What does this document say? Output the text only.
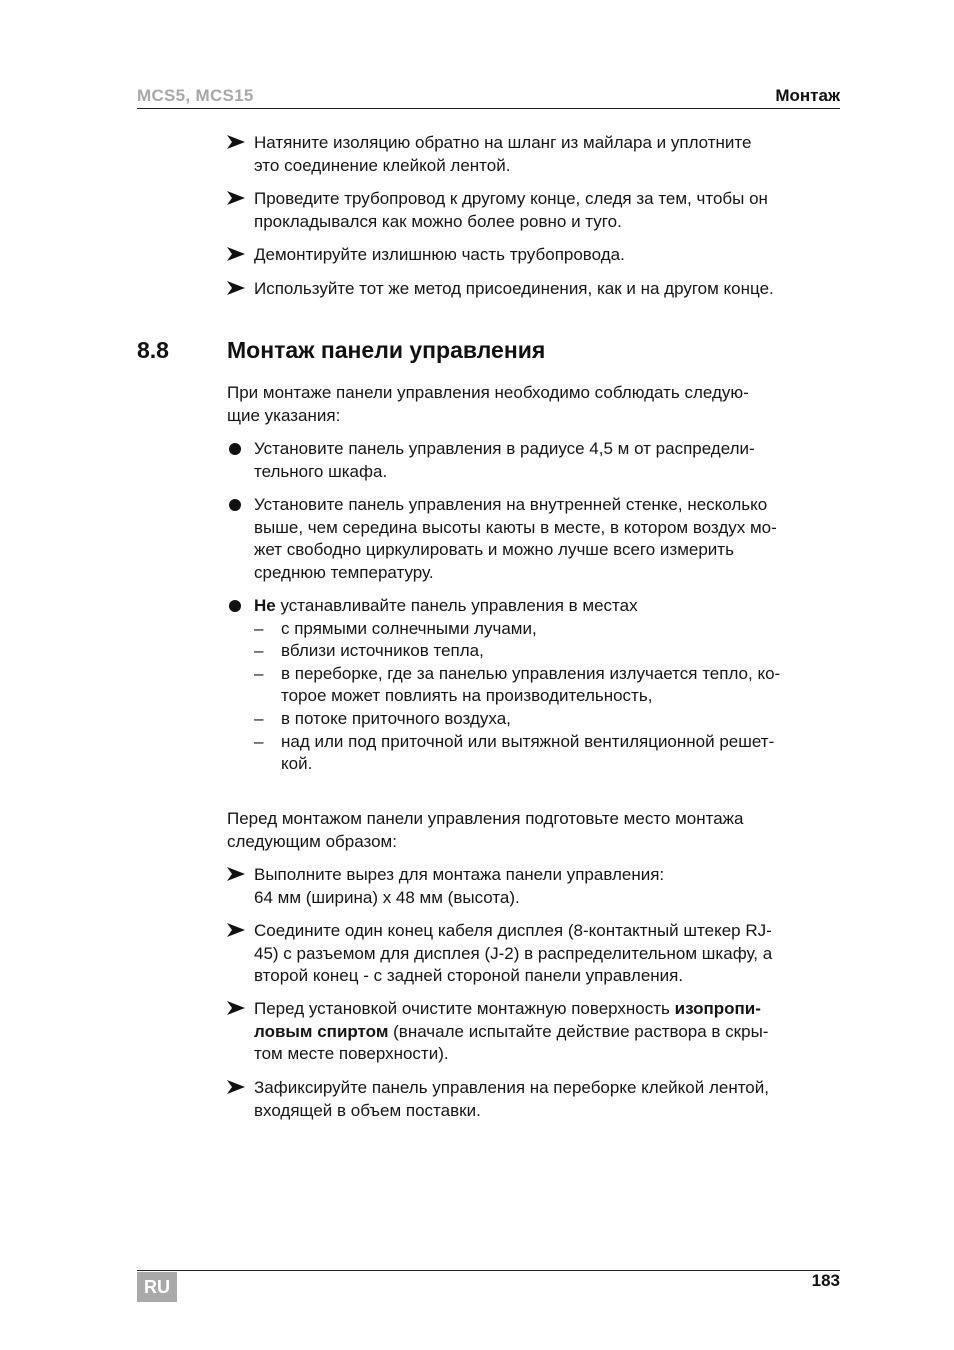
MCS5, MCS15	Монтаж
Натяните изоляцию обратно на шланг из майлара и уплотните
это соединение клейкой лентой.
Проведите трубопровод к другому конце, следя за тем, чтобы он
прокладывался как можно более ровно и туго.
Демонтируйте излишнюю часть трубопровода.
Используйте тот же метод присоединения, как и на другом конце.
8.8	Монтаж панели управления
При монтаже панели управления необходимо соблюдать следую-
щие указания:
Установите панель управления в радиусе 4,5 м от распредели-
тельного шкафа.
Установите панель управления на внутренней стенке, несколько
выше, чем середина высоты каюты в месте, в котором воздух мо-
жет свободно циркулировать и можно лучше всего измерить
среднюю температуру.
Не устанавливайте панель управления в местах
– с прямыми солнечными лучами,
– вблизи источников тепла,
– в переборке, где за панелью управления излучается тепло, ко-
торое может повлиять на производительность,
– в потоке приточного воздуха,
– над или под приточной или вытяжной вентиляционной решет-
кой.
Перед монтажом панели управления подготовьте место монтажа
следующим образом:
Выполните вырез для монтажа панели управления:
64 мм (ширина) x 48 мм (высота).
Соедините один конец кабеля дисплея (8-контактный штекер RJ-
45) с разъемом для дисплея (J-2) в распределительном шкафу, а
второй конец - с задней стороной панели управления.
Перед установкой очистите монтажную поверхность изопропи-
ловым спиртом (вначале испытайте действие раствора в скры-
том месте поверхности).
Зафиксируйте панель управления на переборке клейкой лентой,
входящей в объем поставки.
RU	183
